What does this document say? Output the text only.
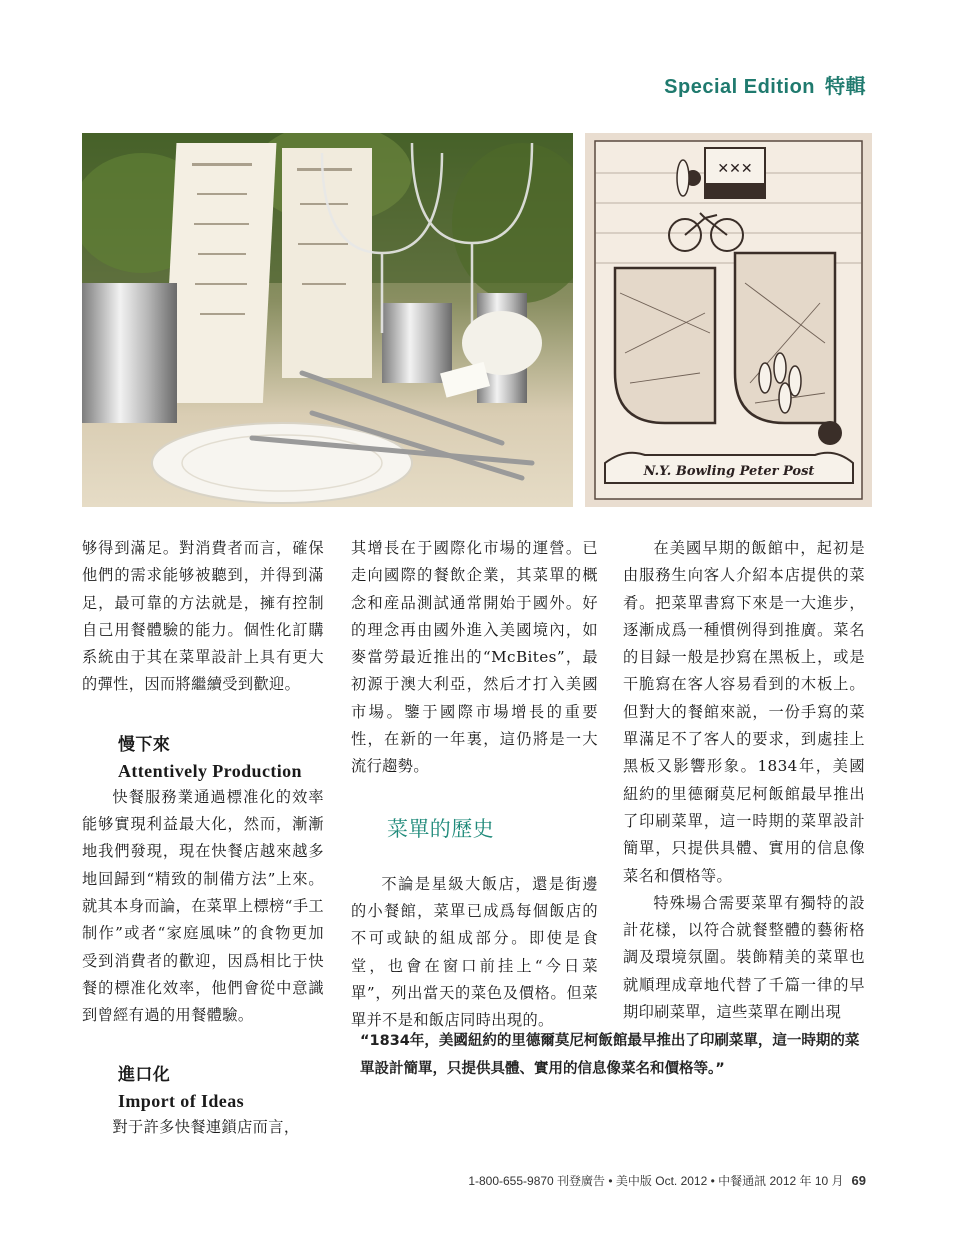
Special Edition 特輯
✕✕✕
N.Y. Bowling Peter Post

够得到滿足。對消費者而言，確保他們的需求能够被聽到，并得到滿足，最可靠的方法就是，擁有控制自己用餐體驗的能力。個性化訂購系統由于其在菜單設計上具有更大的彈性，因而將繼續受到歡迎。

慢下來
Attentively Production

快餐服務業通過標准化的效率能够實現利益最大化，然而，漸漸地我們發現，現在快餐店越來越多地回歸到“精致的制備方法”上來。就其本身而論，在菜單上標榜“手工制作”或者“家庭風味”的食物更加受到消費者的歡迎，因爲相比于快餐的標准化效率，他們會從中意識到曾經有過的用餐體驗。

進口化
Import of Ideas

對于許多快餐連鎖店而言，

其增長在于國際化市場的運營。已走向國際的餐飲企業，其菜單的概念和産品測試通常開始于國外。好的理念再由國外進入美國境內，如麥當勞最近推出的“McBites”，最初源于澳大利亞，然后才打入美國市場。鑒于國際市場增長的重要性，在新的一年裏，這仍將是一大流行趨勢。

菜單的歷史

不論是星級大飯店，還是街邊的小餐館，菜單已成爲每個飯店的不可或缺的組成部分。即使是食堂，也會在窗口前挂上“今日菜單”，列出當天的菜色及價格。但菜單并不是和飯店同時出現的。

在美國早期的飯館中，起初是由服務生向客人介紹本店提供的菜肴。把菜單書寫下來是一大進步，逐漸成爲一種慣例得到推廣。菜名的目録一般是抄寫在黑板上，或是干脆寫在客人容易看到的木板上。但對大的餐館來説，一份手寫的菜單滿足不了客人的要求，到處挂上黑板又影響形象。1834年，美國紐約的里德爾莫尼柯飯館最早推出了印刷菜單，這一時期的菜單設計簡單，只提供具體、實用的信息像菜名和價格等。

特殊場合需要菜單有獨特的設計花樣，以符合就餐整體的藝術格調及環境氛圍。裝飾精美的菜單也就順理成章地代替了千篇一律的早期印刷菜單，這些菜單在剛出現

“1834年，美國紐約的里德爾莫尼柯飯館最早推出了印刷菜單，這一時期的菜單設計簡單，只提供具體、實用的信息像菜名和價格等。”
1-800-655-9870 刊登廣告 • 美中版 Oct. 2012 • 中餐通訊 2012 年 10 月 69
